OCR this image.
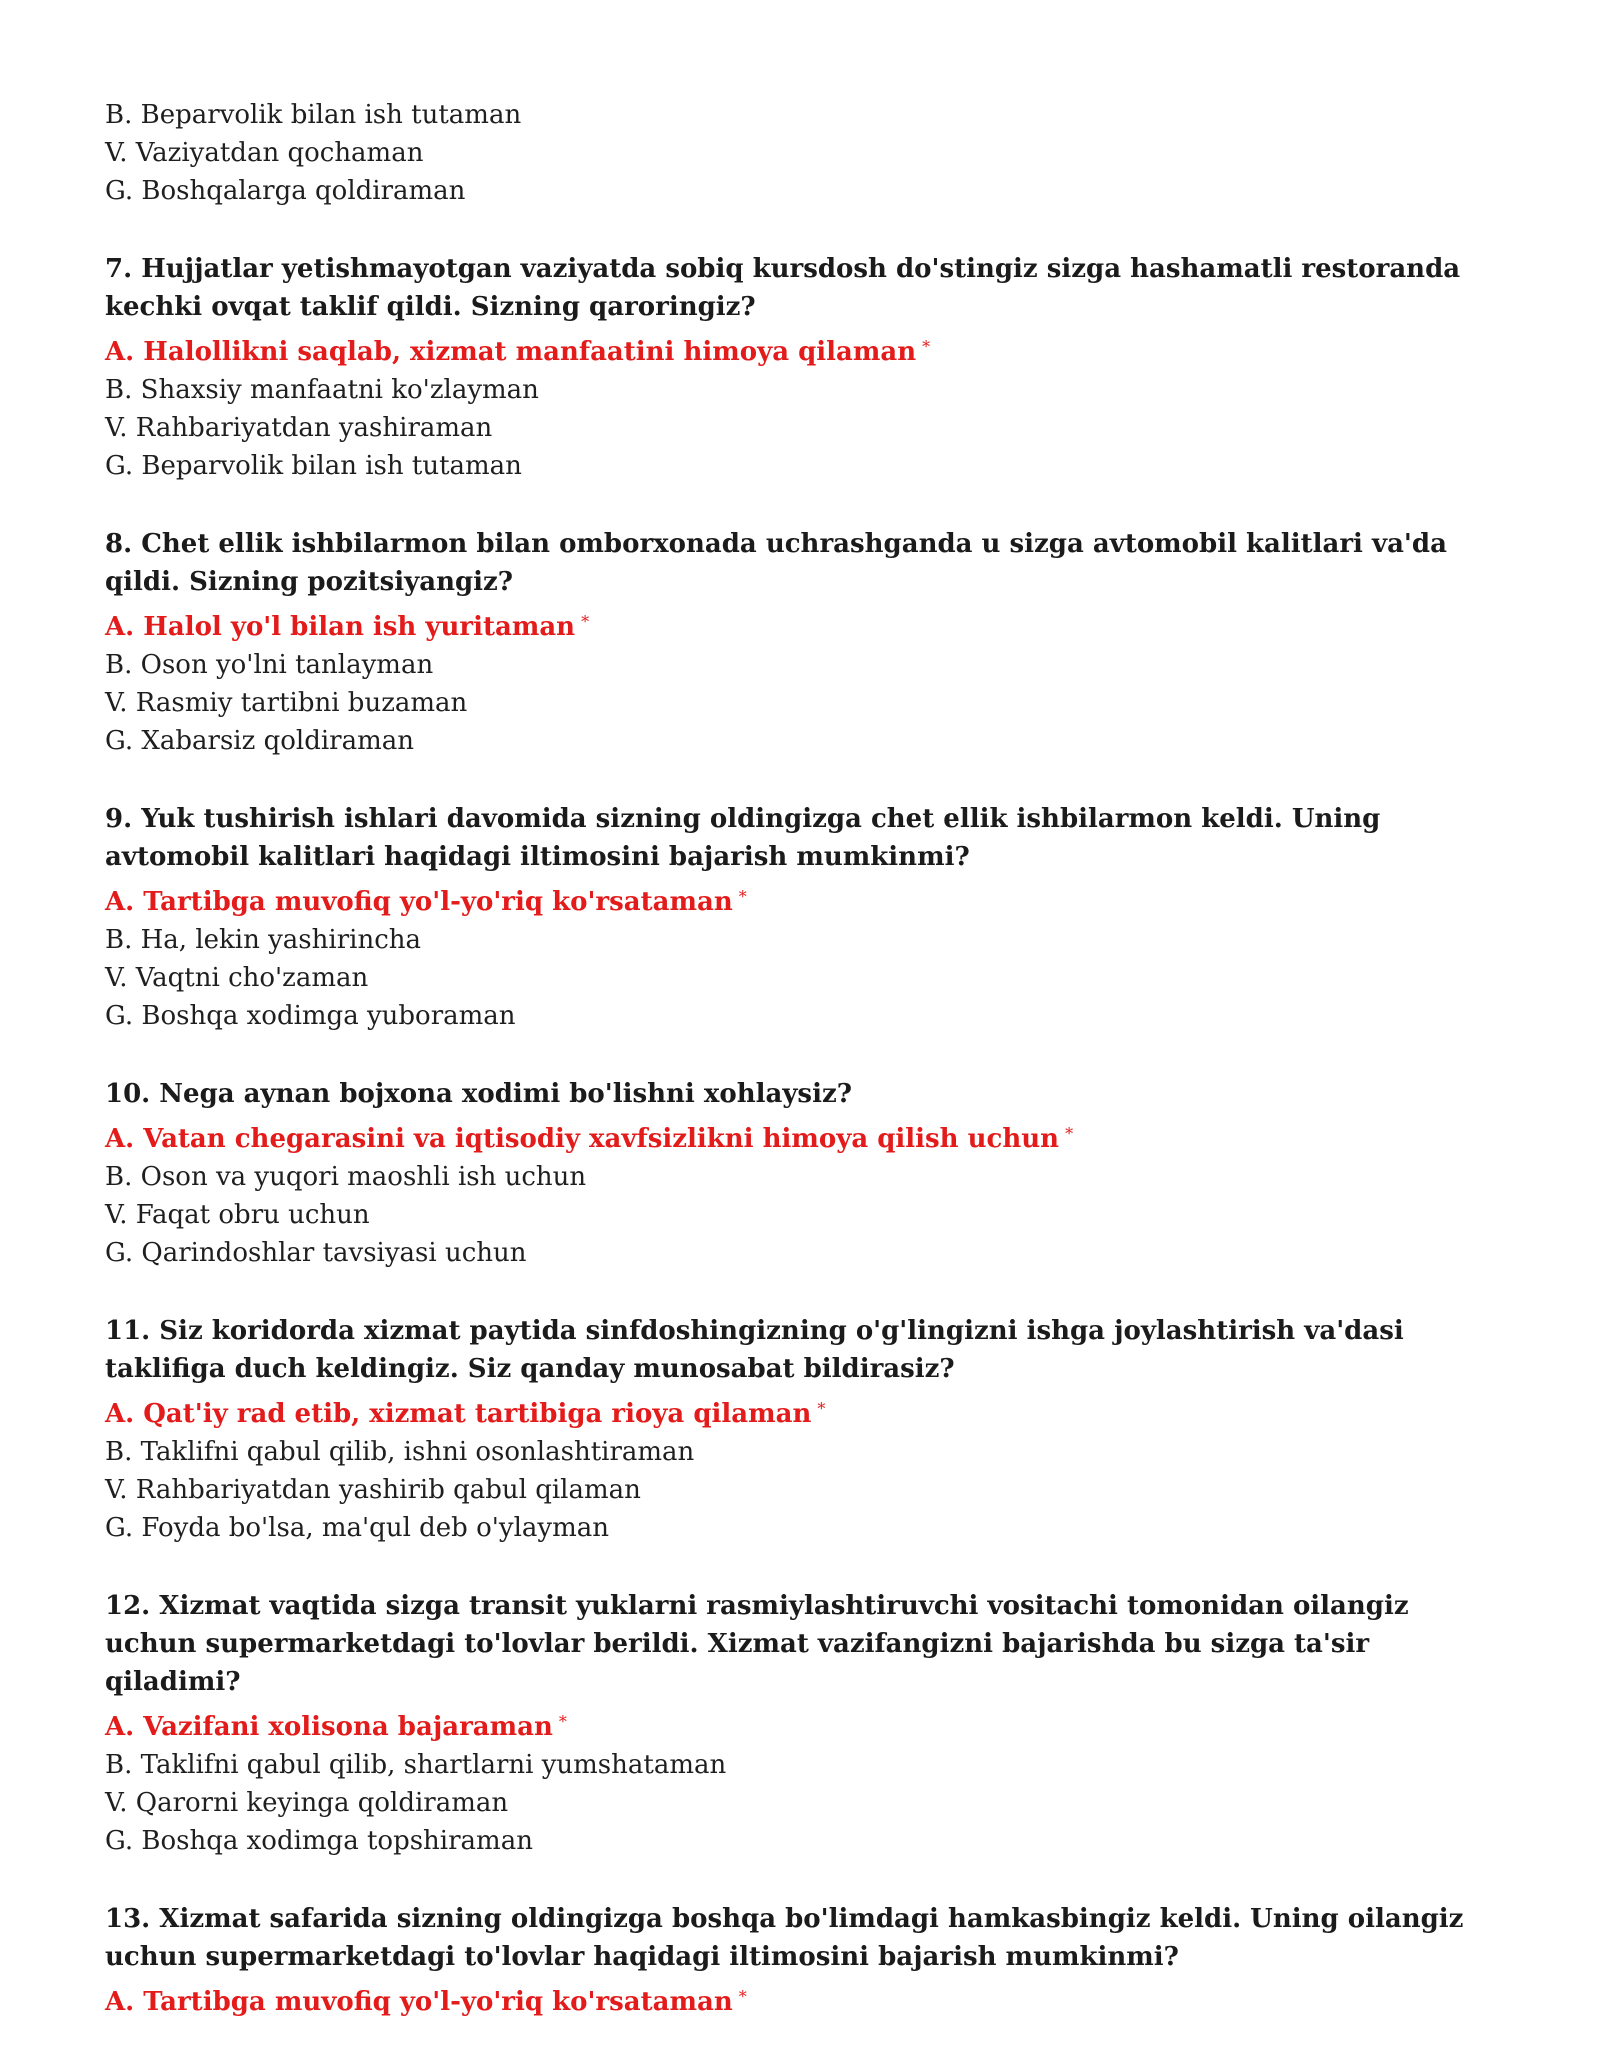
B. Beparvolik bilan ish tutaman

V. Vaziyatdan qochaman

G. Boshqalarga qoldiraman

7. Hujjatlar yetishmayotgan vaziyatda sobiq kursdosh do'stingiz sizga hashamatli restoranda kechki ovqat taklif qildi. Sizning qaroringiz?

A. Halollikni saqlab, xizmat manfaatini himoya qilaman *

B. Shaxsiy manfaatni ko'zlayman

V. Rahbariyatdan yashiraman

G. Beparvolik bilan ish tutaman

8. Chet ellik ishbilarmon bilan omborxonada uchrashganda u sizga avtomobil kalitlari va'da qildi. Sizning pozitsiyangiz?

A. Halol yo'l bilan ish yuritaman *

B. Oson yo'lni tanlayman

V. Rasmiy tartibni buzaman

G. Xabarsiz qoldiraman

9. Yuk tushirish ishlari davomida sizning oldingizga chet ellik ishbilarmon keldi. Uning avtomobil kalitlari haqidagi iltimosini bajarish mumkinmi?

A. Tartibga muvofiq yo'l-yo'riq ko'rsataman *

B. Ha, lekin yashirincha

V. Vaqtni cho'zaman

G. Boshqa xodimga yuboraman

10. Nega aynan bojxona xodimi bo'lishni xohlaysiz?

A. Vatan chegarasini va iqtisodiy xavfsizlikni himoya qilish uchun *

B. Oson va yuqori maoshli ish uchun

V. Faqat obru uchun

G. Qarindoshlar tavsiyasi uchun

11. Siz koridorda xizmat paytida sinfdoshingizning o'g'lingizni ishga joylashtirish va'dasi taklifiga duch keldingiz. Siz qanday munosabat bildirasiz?

A. Qat'iy rad etib, xizmat tartibiga rioya qilaman *

B. Taklifni qabul qilib, ishni osonlashtiraman

V. Rahbariyatdan yashirib qabul qilaman

G. Foyda bo'lsa, ma'qul deb o'ylayman

12. Xizmat vaqtida sizga transit yuklarni rasmiylashtiruvchi vositachi tomonidan oilangiz uchun supermarketdagi to'lovlar berildi. Xizmat vazifangizni bajarishda bu sizga ta'sir qiladimi?

A. Vazifani xolisona bajaraman *

B. Taklifni qabul qilib, shartlarni yumshataman

V. Qarorni keyinga qoldiraman

G. Boshqa xodimga topshiraman

13. Xizmat safarida sizning oldingizga boshqa bo'limdagi hamkasbingiz keldi. Uning oilangiz uchun supermarketdagi to'lovlar haqidagi iltimosini bajarish mumkinmi?

A. Tartibga muvofiq yo'l-yo'riq ko'rsataman *
